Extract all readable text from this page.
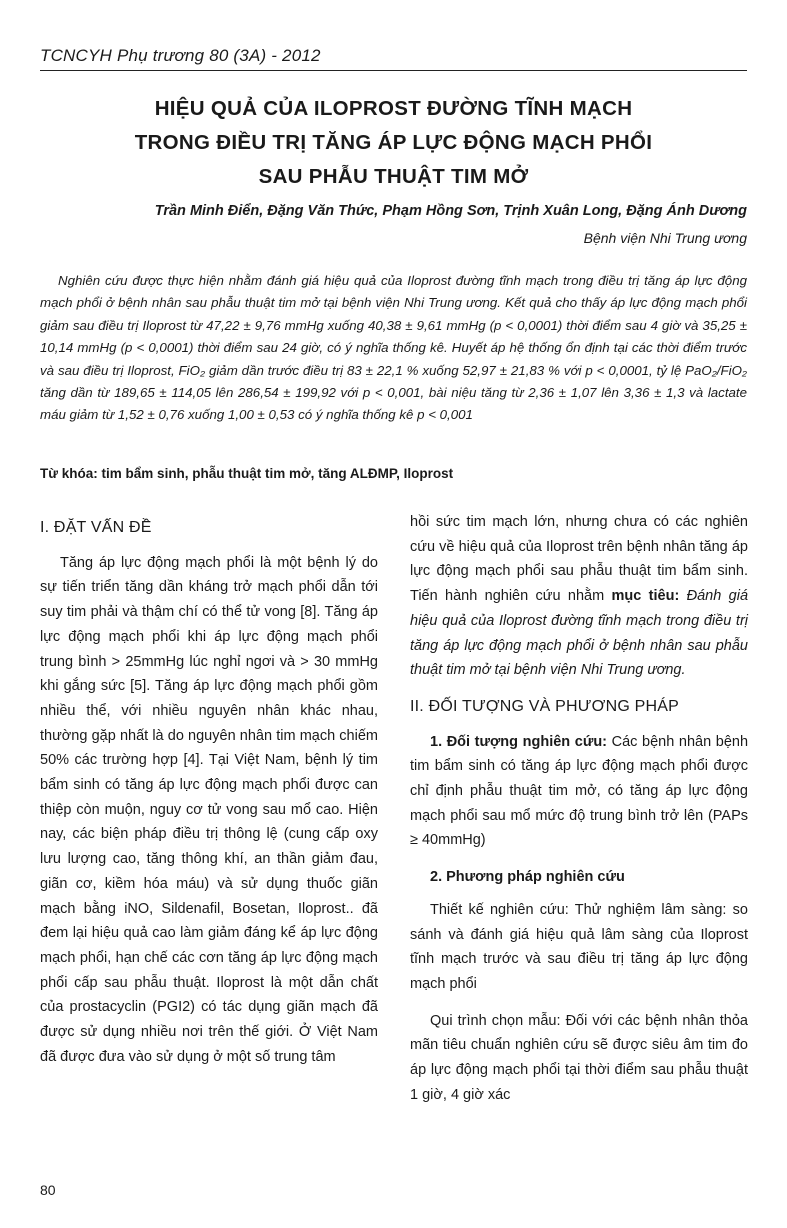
TCNCYH Phụ trương 80 (3A) - 2012
HIỆU QUẢ CỦA ILOPROST ĐƯỜNG TĨNH MẠCH
TRONG ĐIỀU TRỊ TĂNG ÁP LỰC ĐỘNG MẠCH PHỔI
SAU PHẪU THUẬT TIM MỞ
Trần Minh Điển, Đặng Văn Thức, Phạm Hồng Sơn, Trịnh Xuân Long, Đặng Ánh Dương
Bệnh viện Nhi Trung ương

Nghiên cứu được thực hiện nhằm đánh giá hiệu quả của Iloprost đường tĩnh mạch trong điều trị tăng áp lực động mạch phổi ở bệnh nhân sau phẫu thuật tim mở tại bệnh viện Nhi Trung ương. Kết quả cho thấy áp lực động mạch phổi giảm sau điều trị Iloprost từ 47,22 ± 9,76 mmHg xuống 40,38 ± 9,61 mmHg (p < 0,0001) thời điểm sau 4 giờ và 35,25 ± 10,14 mmHg (p < 0,0001) thời điểm sau 24 giờ, có ý nghĩa thống kê. Huyết áp hệ thống ổn định tại các thời điểm trước và sau điều trị Iloprost, FiO₂ giảm dần trước điều trị 83 ± 22,1 % xuống 52,97 ± 21,83 % với p < 0,0001, tỷ lệ PaO₂/FiO₂ tăng dần từ 189,65 ± 114,05 lên 286,54 ± 199,92 với p < 0,001, bài niệu tăng từ 2,36 ± 1,07 lên 3,36 ± 1,3 và lactate máu giảm từ 1,52 ± 0,76 xuống 1,00 ± 0,53 có ý nghĩa thống kê p < 0,001

Từ khóa: tim bẩm sinh, phẫu thuật tim mở, tăng ALĐMP, Iloprost
I. ĐẶT VẤN ĐỀ

Tăng áp lực động mạch phổi là một bệnh lý do sự tiến triển tăng dần kháng trở mạch phổi dẫn tới suy tim phải và thậm chí có thể tử vong [8]. Tăng áp lực động mạch phổi khi áp lực động mạch phổi trung bình > 25mmHg lúc nghỉ ngơi và > 30 mmHg khi gắng sức [5]. Tăng áp lực động mạch phổi gồm nhiều thể, với nhiều nguyên nhân khác nhau, thường gặp nhất là do nguyên nhân tim mạch chiếm 50% các trường hợp [4]. Tại Việt Nam, bệnh lý tim bẩm sinh có tăng áp lực động mạch phổi được can thiệp còn muộn, nguy cơ tử vong sau mổ cao. Hiện nay, các biện pháp điều trị thông lệ (cung cấp oxy lưu lượng cao, tăng thông khí, an thần giảm đau, giãn cơ, kiềm hóa máu) và sử dụng thuốc giãn mạch bằng iNO, Sildenafil, Bosetan, Iloprost.. đã đem lại hiệu quả cao làm giảm đáng kể áp lực động mạch phổi, hạn chế các cơn tăng áp lực động mạch phổi cấp sau phẫu thuật. Iloprost là một dẫn chất của prostacyclin (PGI2) có tác dụng giãn mạch đã được sử dụng nhiều nơi trên thế giới. Ở Việt Nam đã được đưa vào sử dụng ở một số trung tâm

hồi sức tim mạch lớn, nhưng chưa có các nghiên cứu về hiệu quả của Iloprost trên bệnh nhân tăng áp lực động mạch phổi sau phẫu thuật tim bẩm sinh. Tiến hành nghiên cứu nhằm mục tiêu: Đánh giá hiệu quả của Iloprost đường tĩnh mạch trong điều trị tăng áp lực động mạch phổi ở bệnh nhân sau phẫu thuật tim mở tại bệnh viện Nhi Trung ương.

II. ĐỐI TƯỢNG VÀ PHƯƠNG PHÁP

1. Đối tượng nghiên cứu: Các bệnh nhân bệnh tim bẩm sinh có tăng áp lực động mạch phổi được chỉ định phẫu thuật tim mở, có tăng áp lực động mạch phổi sau mổ mức độ trung bình trở lên (PAPs ≥ 40mmHg)

2. Phương pháp nghiên cứu

Thiết kế nghiên cứu: Thử nghiệm lâm sàng: so sánh và đánh giá hiệu quả lâm sàng của Iloprost tĩnh mạch trước và sau điều trị tăng áp lực động mạch phổi

Qui trình chọn mẫu: Đối với các bệnh nhân thỏa mãn tiêu chuẩn nghiên cứu sẽ được siêu âm tim đo áp lực động mạch phổi tại thời điểm sau phẫu thuật 1 giờ, 4 giờ xác

80
